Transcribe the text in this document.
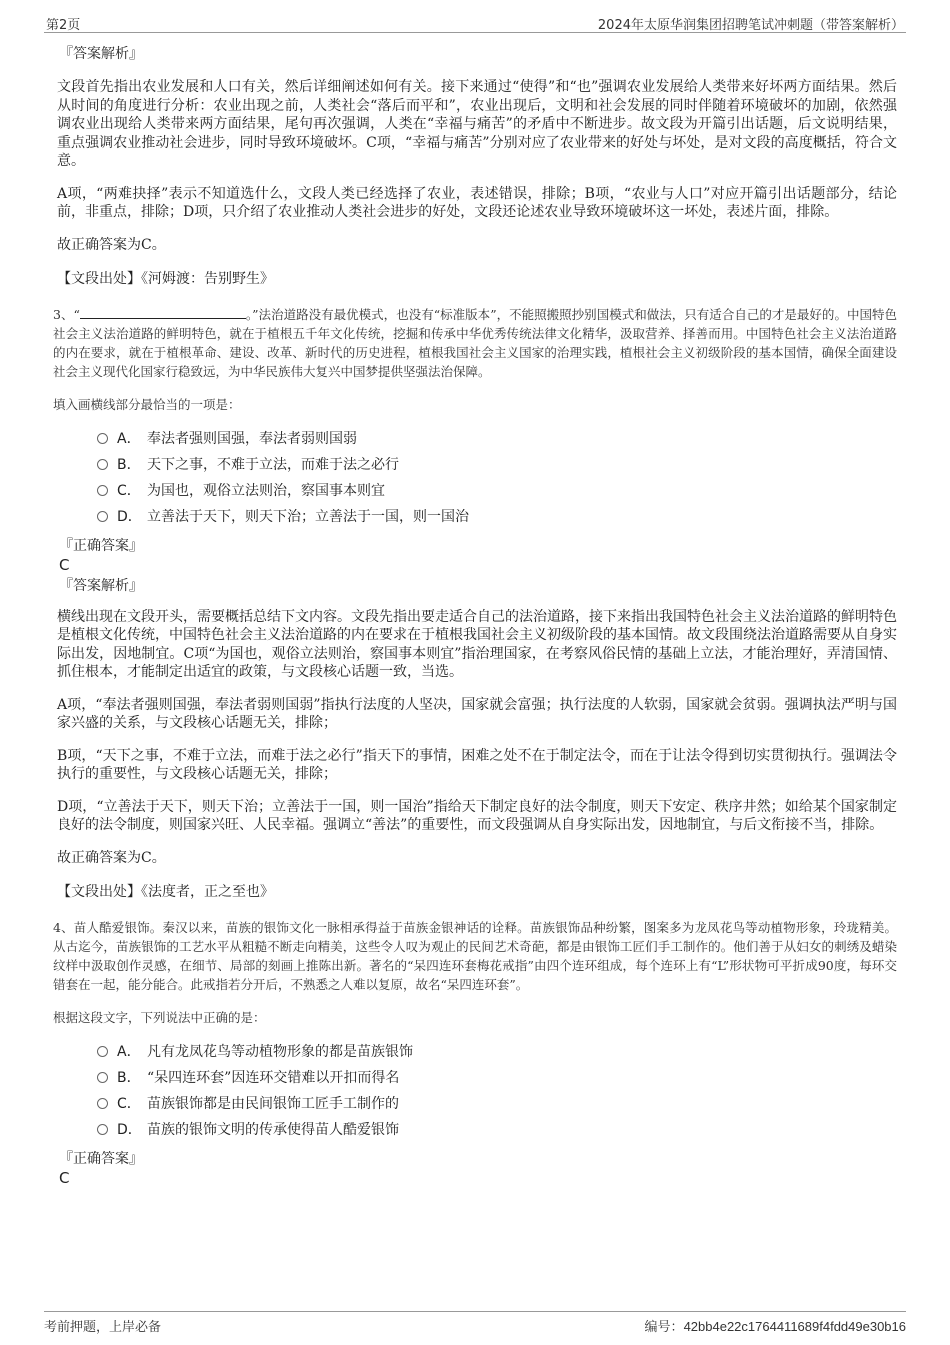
第2页	2024年太原华润集团招聘笔试冲刺题（带答案解析）
『答案解析』

文段首先指出农业发展和人口有关，然后详细阐述如何有关。接下来通过“使得”和“也”强调农业发展给人类带来好坏两方面结果。然后从时间的角度进行分析：农业出现之前，人类社会“落后而平和”，农业出现后，文明和社会发展的同时伴随着环境破坏的加剧，依然强调农业出现给人类带来两方面结果，尾句再次强调，人类在“幸福与痛苦”的矛盾中不断进步。故文段为开篇引出话题，后文说明结果，重点强调农业推动社会进步，同时导致环境破坏。C项，“幸福与痛苦”分别对应了农业带来的好处与坏处，是对文段的高度概括，符合文意。

A项，“两难抉择”表示不知道选什么，文段人类已经选择了农业，表述错误，排除；B项，“农业与人口”对应开篇引出话题部分，结论前，非重点，排除；D项，只介绍了农业推动人类社会进步的好处，文段还论述农业导致环境破坏这一坏处，表述片面，排除。

故正确答案为C。

【文段出处】《河姆渡：告别野生》

3、“	。”法治道路没有最优模式，也没有“标准版本”，不能照搬照抄别国模式和做法，只有适合自己的才是最好的。中国特色社会主义法治道路的鲜明特色，就在于植根五千年文化传统，挖掘和传承中华优秀传统法律文化精华，汲取营养、择善而用。中国特色社会主义法治道路的内在要求，就在于植根革命、建设、改革、新时代的历史进程，植根我国社会主义国家的治理实践，植根社会主义初级阶段的基本国情，确保全面建设社会主义现代化国家行稳致远，为中华民族伟大复兴中国梦提供坚强法治保障。

填入画横线部分最恰当的一项是：
A． 奉法者强则国强，奉法者弱则国弱
B． 天下之事，不难于立法，而难于法之必行
C． 为国也，观俗立法则治，察国事本则宜
D． 立善法于天下，则天下治；立善法于一国，则一国治
『正确答案』
C
『答案解析』

横线出现在文段开头，需要概括总结下文内容。文段先指出要走适合自己的法治道路，接下来指出我国特色社会主义法治道路的鲜明特色是植根文化传统，中国特色社会主义法治道路的内在要求在于植根我国社会主义初级阶段的基本国情。故文段围绕法治道路需要从自身实际出发，因地制宜。C项“为国也，观俗立法则治，察国事本则宜”指治理国家，在考察风俗民情的基础上立法，才能治理好，弄清国情、抓住根本，才能制定出适宜的政策，与文段核心话题一致，当选。

A项，“奉法者强则国强，奉法者弱则国弱”指执行法度的人坚决，国家就会富强；执行法度的人软弱，国家就会贫弱。强调执法严明与国家兴盛的关系，与文段核心话题无关，排除；

B项，“天下之事，不难于立法，而难于法之必行”指天下的事情，困难之处不在于制定法令，而在于让法令得到切实贯彻执行。强调法令执行的重要性，与文段核心话题无关，排除；

D项，“立善法于天下，则天下治；立善法于一国，则一国治”指给天下制定良好的法令制度，则天下安定、秩序井然；如给某个国家制定良好的法令制度，则国家兴旺、人民幸福。强调立“善法”的重要性，而文段强调从自身实际出发，因地制宜，与后文衔接不当，排除。

故正确答案为C。

【文段出处】《法度者，正之至也》

4、苗人酷爱银饰。秦汉以来，苗族的银饰文化一脉相承得益于苗族金银神话的诠释。苗族银饰品种纷繁，图案多为龙凤花鸟等动植物形象，玲珑精美。从古迄今，苗族银饰的工艺水平从粗糙不断走向精美，这些令人叹为观止的民间艺术奇葩，都是由银饰工匠们手工制作的。他们善于从妇女的刺绣及蜡染纹样中汲取创作灵感，在细节、局部的刻画上推陈出新。著名的“呆四连环套梅花戒指”由四个连环组成，每个连环上有“L”形状物可平折成90度，每环交错套在一起，能分能合。此戒指若分开后，不熟悉之人难以复原，故名“呆四连环套”。

根据这段文字，下列说法中正确的是：
A． 凡有龙凤花鸟等动植物形象的都是苗族银饰
B． “呆四连环套”因连环交错难以开扣而得名
C． 苗族银饰都是由民间银饰工匠手工制作的
D． 苗族的银饰文明的传承使得苗人酷爱银饰
『正确答案』
C
考前押题，上岸必备	编号：42bb4e22c1764411689f4fdd49e30b16
